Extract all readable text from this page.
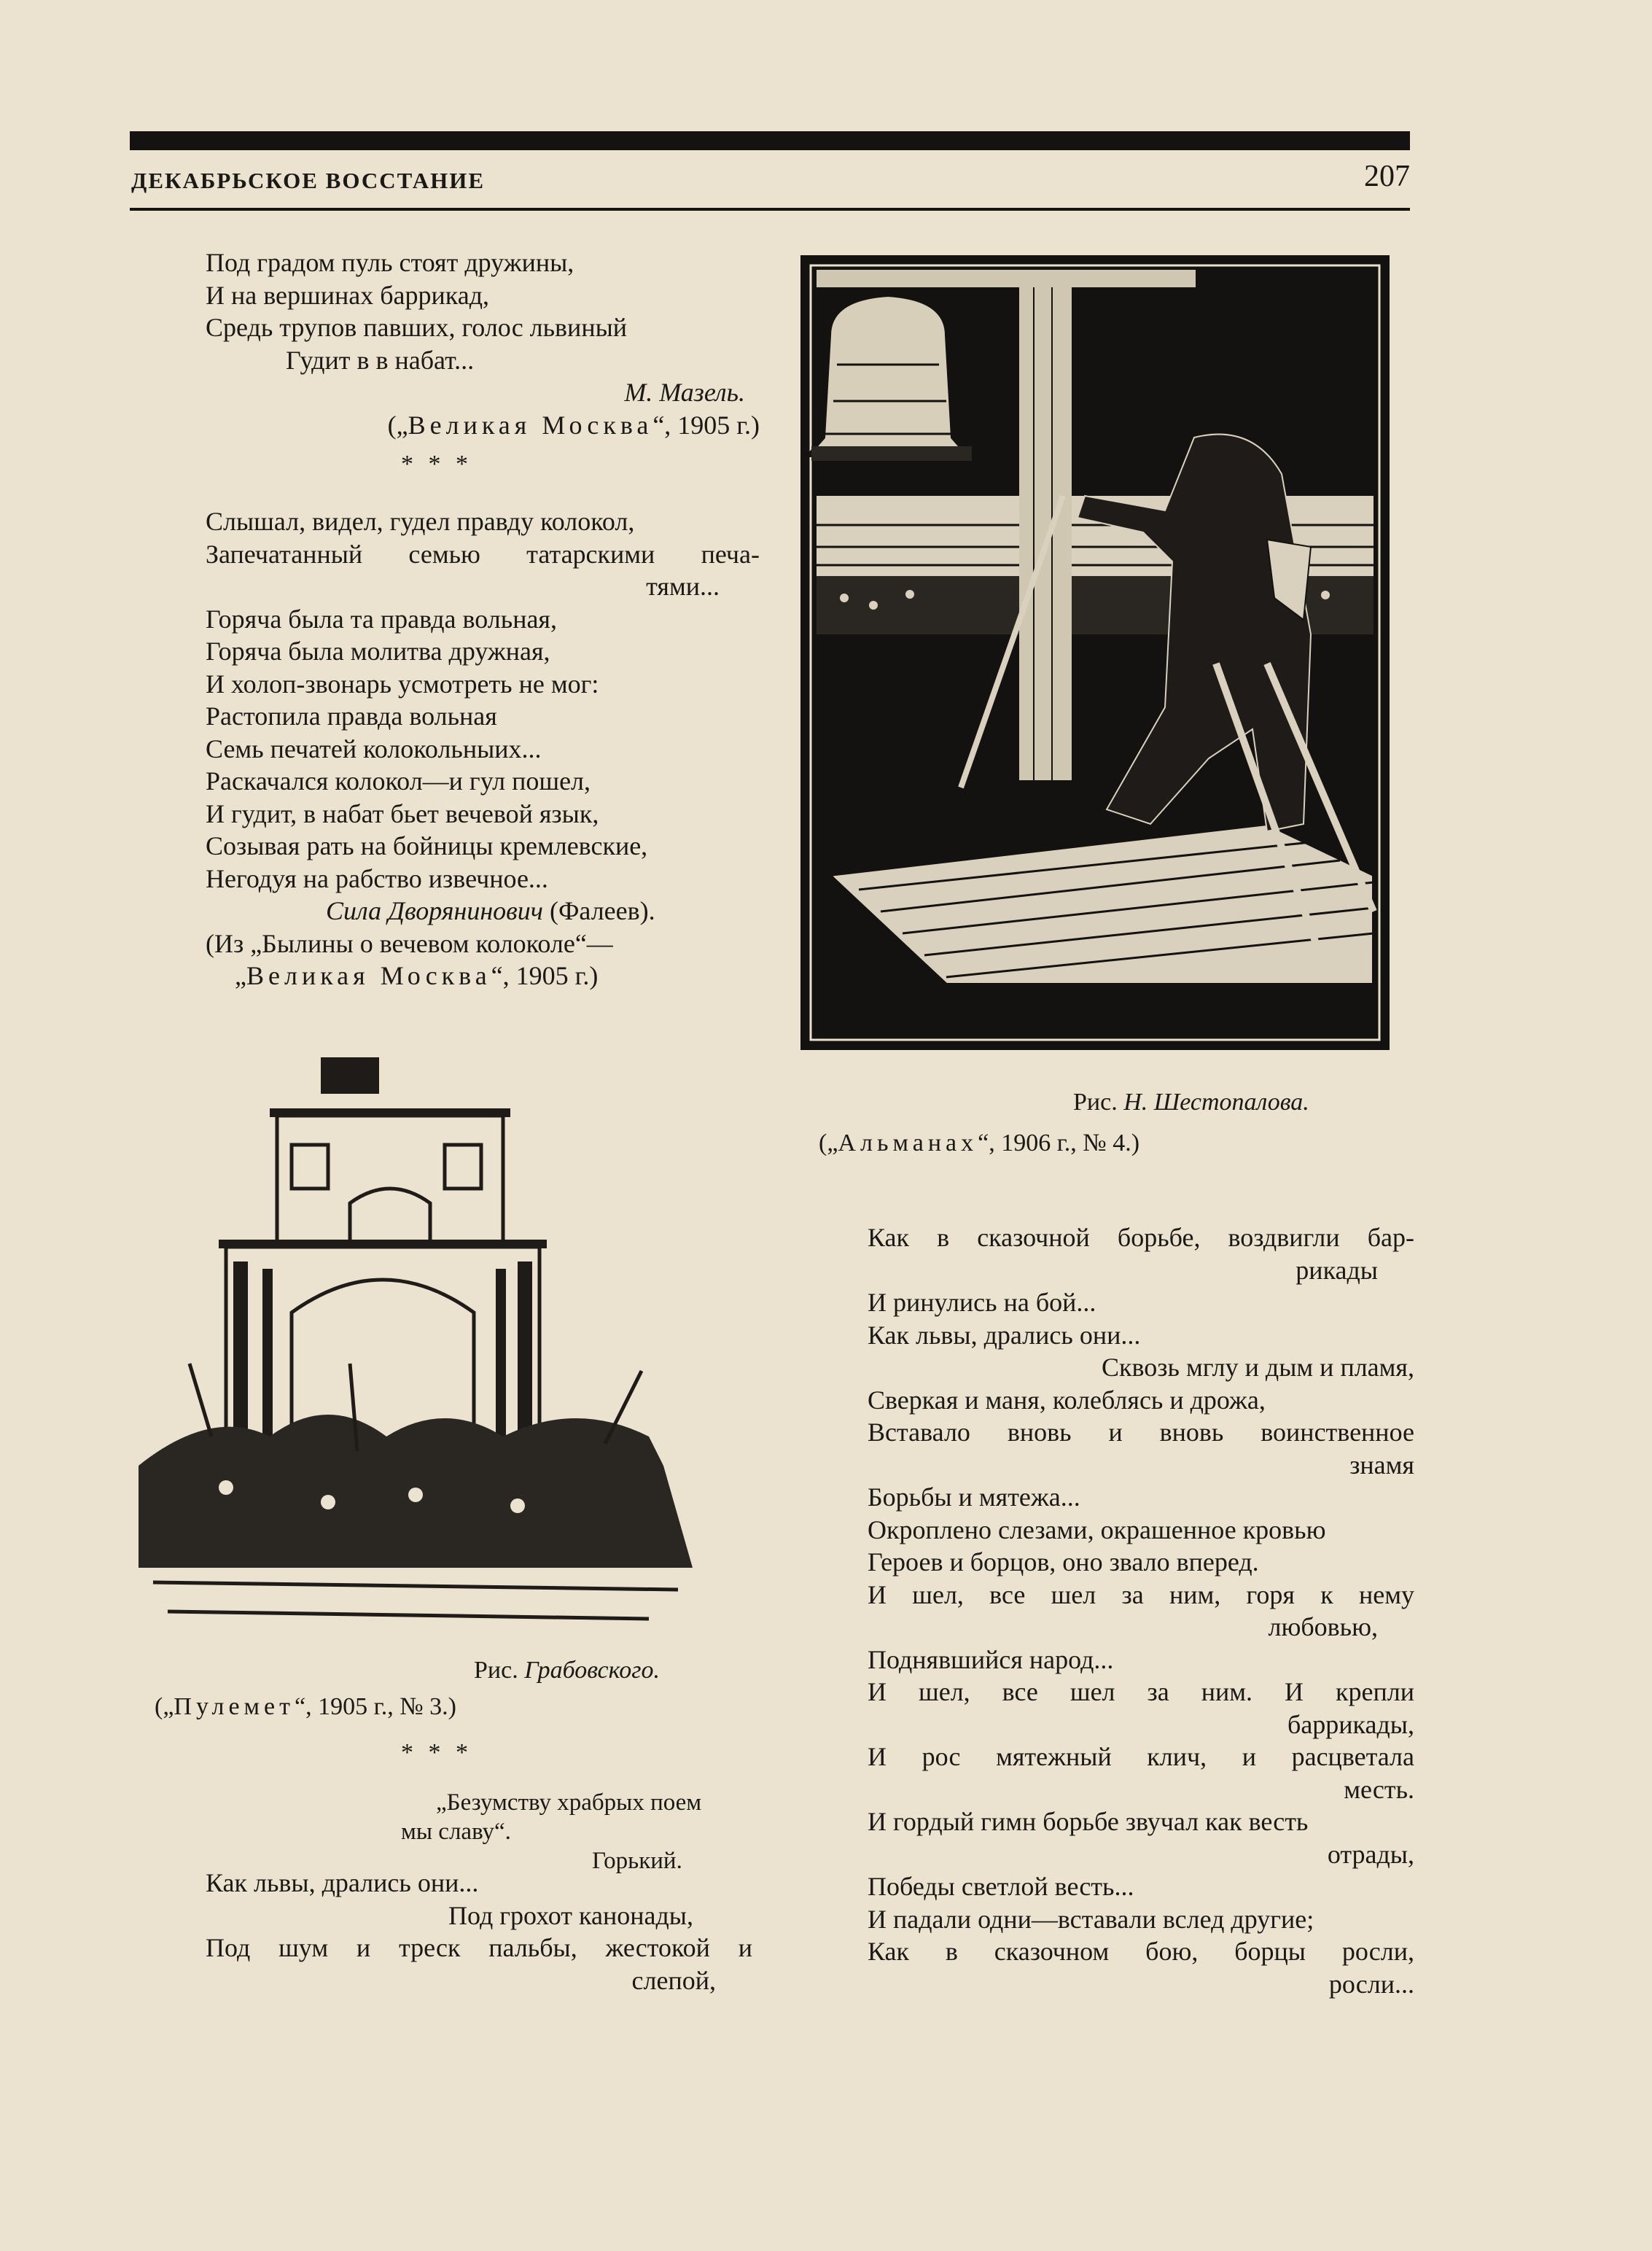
ДЕКАБРЬСКОЕ ВОССТАНИЕ	207
Под градом пуль стоят дружины,
И на вершинах баррикад,
Средь трупов павших, голос львиный
Гудит в в набат...
М. Мазель.
(„Великая Москва“, 1905 г.)
* * *
Слышал, видел, гудел правду колокол,
Запечатанный семью татарскими печа-
тями...
Горяча была та правда вольная,
Горяча была молитва дружная,
И холоп-звонарь усмотреть не мог:
Растопила правда вольная
Семь печатей колокольныих...
Раскачался колокол—и гул пошел,
И гудит, в набат бьет вечевой язык,
Созывая рать на бойницы кремлевские,
Негодуя на рабство извечное...
Сила Дворянинович (Фалеев).
(Из „Былины о вечевом колоколе“—
„Великая Москва“, 1905 г.)
Рис. Н. Шестопалова.
(„Альманах“, 1906 г., № 4.)
Рис. Грабовского.
(„Пулемет“, 1905 г., № 3.)
* * *
„Безумству храбрых поем
мы славу“.
Горький.
Как львы, дрались они...
Под грохот канонады,
Под шум и треск пальбы, жестокой и
слепой,
Как в сказочной борьбе, воздвигли бар-
рикады
И ринулись на бой...
Как львы, дрались они...
Сквозь мглу и дым и пламя,
Сверкая и маня, колеблясь и дрожа,
Вставало вновь и вновь воинственное
знамя
Борьбы и мятежа...
Окроплено слезами, окрашенное кровью
Героев и борцов, оно звало вперед.
И шел, все шел за ним, горя к нему
любовью,
Поднявшийся народ...
И шел, все шел за ним. И крепли
баррикады,
И рос мятежный клич, и расцветала
месть.
И гордый гимн борьбе звучал как весть
отрады,
Победы светлой весть...
И падали одни—вставали вслед другие;
Как в сказочном бою, борцы росли,
росли...
